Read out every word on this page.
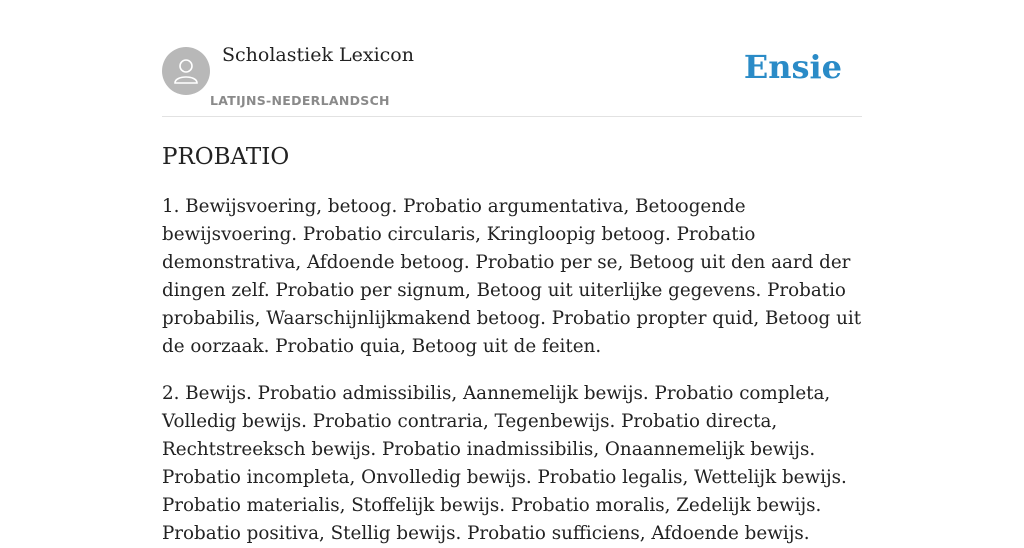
Scholastiek Lexicon
LATIJNS-NEDERLANDSCH
Ensie
PROBATIO

1. Bewijsvoering, betoog. Probatio argumentativa, Betoogende bewijsvoering. Probatio circularis, Kringloopig betoog. Probatio demonstrativa, Afdoende betoog. Probatio per se, Betoog uit den aard der dingen zelf. Probatio per signum, Betoog uit uiterlijke gegevens. Probatio probabilis, Waarschijnlijkmakend betoog. Probatio propter quid, Betoog uit de oorzaak. Probatio quia, Betoog uit de feiten.

2. Bewijs. Probatio admissibilis, Aannemelijk bewijs. Probatio completa, Volledig bewijs. Probatio contraria, Tegenbewijs. Probatio directa, Rechtstreeksch bewijs. Probatio inadmissibilis, Onaannemelijk bewijs. Probatio incompleta, Onvolledig bewijs. Probatio legalis, Wettelijk bewijs. Probatio materialis, Stoffelijk bewijs. Probatio moralis, Zedelijk bewijs. Probatio positiva, Stellig bewijs. Probatio sufficiens, Afdoende bewijs.
